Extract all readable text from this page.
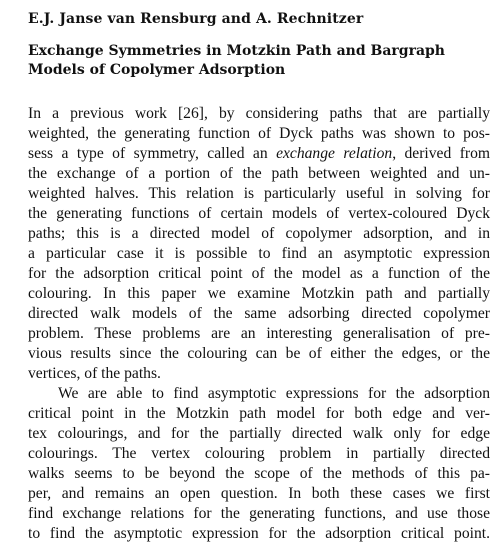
E.J. Janse van Rensburg and A. Rechnitzer
Exchange Symmetries in Motzkin Path and Bargraph
Models of Copolymer Adsorption
In a previous work [26], by considering paths that are partially
weighted, the generating function of Dyck paths was shown to pos-
sess a type of symmetry, called an exchange relation, derived from
the exchange of a portion of the path between weighted and un-
weighted halves. This relation is particularly useful in solving for
the generating functions of certain models of vertex-coloured Dyck
paths; this is a directed model of copolymer adsorption, and in
a particular case it is possible to find an asymptotic expression
for the adsorption critical point of the model as a function of the
colouring. In this paper we examine Motzkin path and partially
directed walk models of the same adsorbing directed copolymer
problem. These problems are an interesting generalisation of pre-
vious results since the colouring can be of either the edges, or the
vertices, of the paths.
We are able to find asymptotic expressions for the adsorption
critical point in the Motzkin path model for both edge and ver-
tex colourings, and for the partially directed walk only for edge
colourings. The vertex colouring problem in partially directed
walks seems to be beyond the scope of the methods of this pa-
per, and remains an open question. In both these cases we first
find exchange relations for the generating functions, and use those
to find the asymptotic expression for the adsorption critical point.
